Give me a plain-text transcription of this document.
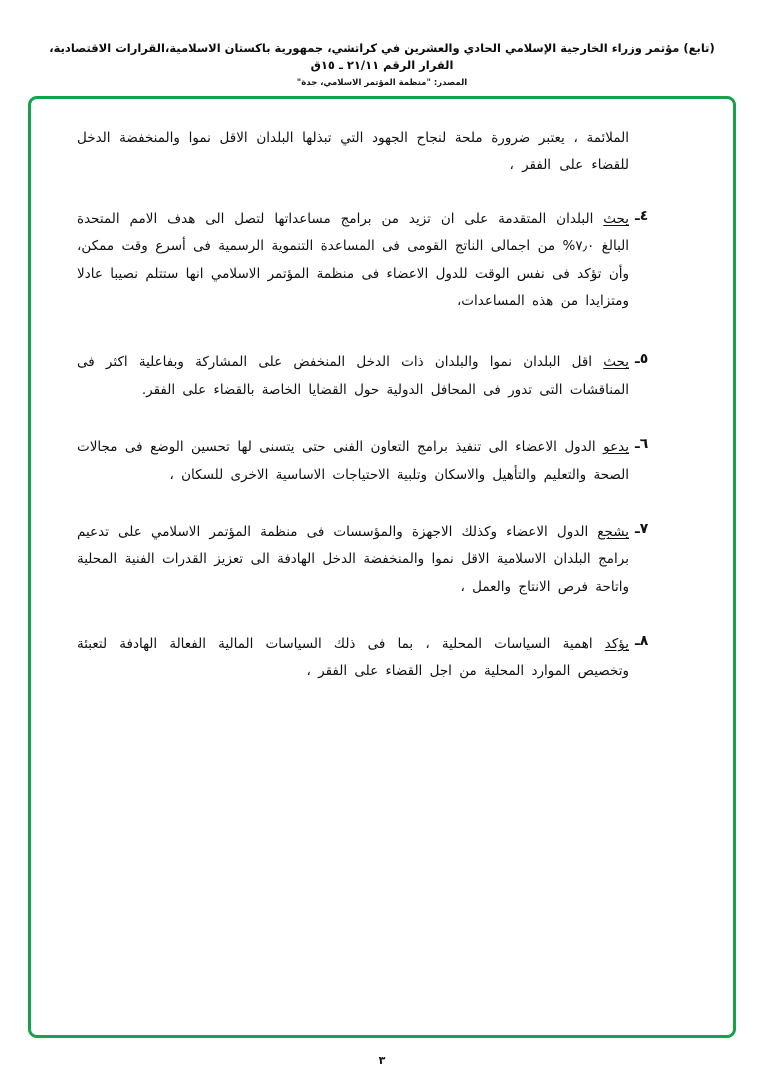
(تابع) مؤتمر وزراء الخارجية الإسلامي الحادي والعشرين في كراتشي، جمهورية باكستان الاسلامية،القرارات الاقتصادية، القرار الرقم ٢١/١١ ـ ١٥ق
المصدر: "منظمة المؤتمر الاسلامي، جدة"
الملائمة ، يعتبر ضرورة ملحة لنجاح الجهود التي تبذلها البلدان الاقل نموا والمنخفضة الدخل للقضاء على الفقر ،
٤ـ
يحث البلدان المتقدمة على ان تزيد من برامج مساعداتها لتصل الى هدف الامم المتحدة البالغ ٧٫٠% من اجمالى الناتج القومى فى المساعدة التنموية الرسمية فى أسرع وقت ممكن، وأن تؤكد فى نفس الوقت للدول الاعضاء فى منظمة المؤتمر الاسلامي انها ستتلم نصيبا عادلا ومتزايدا من هذه المساعدات،
٥ـ
يحث اقل البلدان نموا والبلدان ذات الدخل المنخفض على المشاركة وبفاعلية اكثر فى المناقشات التى تدور فى المحافل الدولية حول القضايا الخاصة بالقضاء على الفقر.
٦ـ
يدعو الدول الاعضاء الى تنفيذ برامج التعاون الفنى حتى يتسنى لها تحسين الوضع فى مجالات الصحة والتعليم والتأهيل والاسكان وتلبية الاحتياجات الاساسية الاخرى للسكان ،
٧ـ
يشجع الدول الاعضاء وكذلك الاجهزة والمؤسسات فى منظمة المؤتمر الاسلامي على تدعيم برامج البلدان الاسلامية الاقل نموا والمنخفضة الدخل الهادفة الى تعزيز القدرات الفنية المحلية واتاحة فرص الانتاج والعمل ،
٨ـ
يؤكد اهمية السياسات المحلية ، بما فى ذلك السياسات المالية الفعالة الهادفة لتعبئة وتخصيص الموارد المحلية من اجل القضاء على الفقر ،
٣
